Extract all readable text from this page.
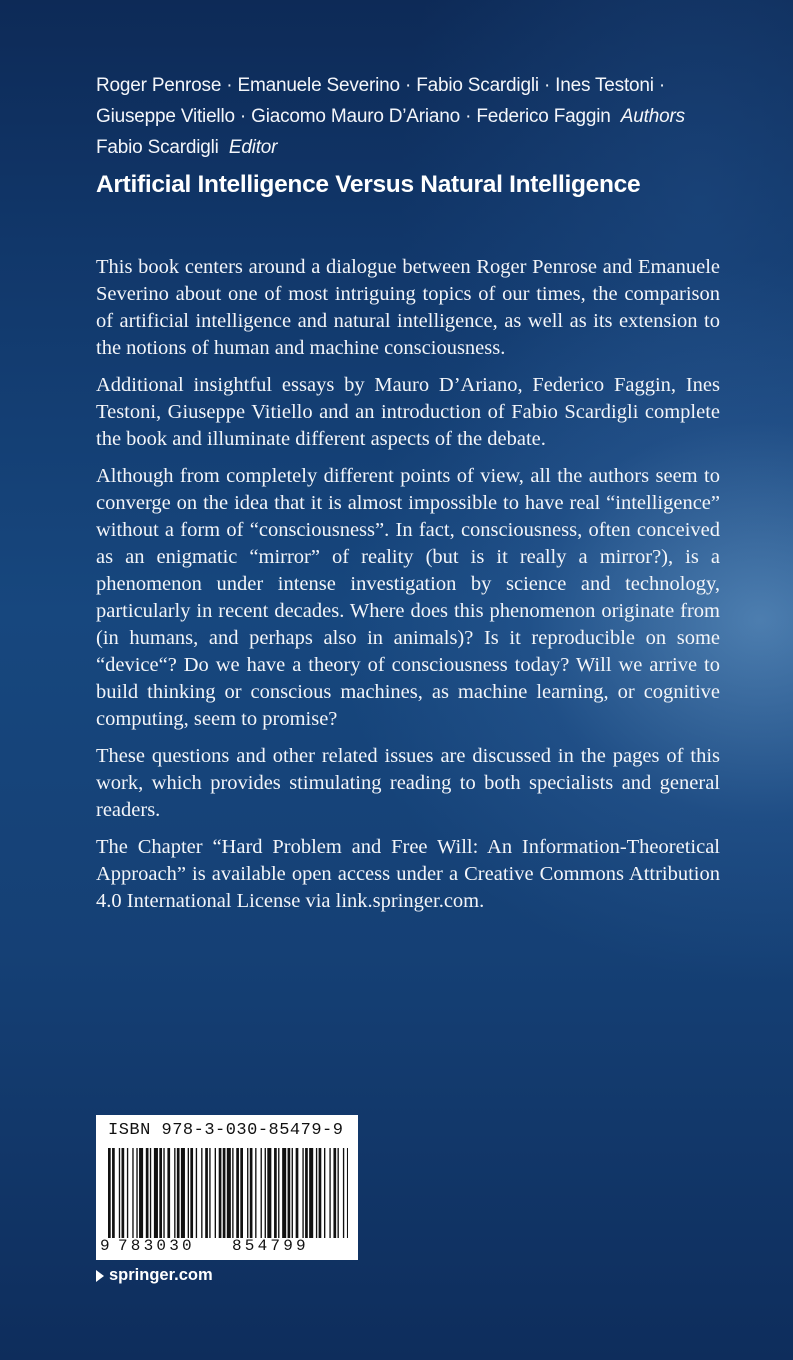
Roger Penrose · Emanuele Severino · Fabio Scardigli · Ines Testoni ·
Giuseppe Vitiello · Giacomo Mauro D’Ariano · Federico Faggin Authors
Fabio Scardigli Editor
Artificial Intelligence Versus Natural Intelligence

This book centers around a dialogue between Roger Penrose and Emanuele Severino about one of most intriguing topics of our times, the comparison of artificial intelligence and natural intelligence, as well as its extension to the notions of human and machine consciousness.

Additional insightful essays by Mauro D’Ariano, Federico Faggin, Ines Testoni, Giuseppe Vitiello and an introduction of Fabio Scardigli complete the book and illuminate different aspects of the debate.

Although from completely different points of view, all the authors seem to converge on the idea that it is almost impossible to have real “intelligence” without a form of “consciousness”. In fact, consciousness, often conceived as an enigmatic “mirror” of reality (but is it really a mirror?), is a phenomenon under intense investigation by science and technology, particularly in recent decades. Where does this phenomenon originate from (in humans, and perhaps also in animals)? Is it reproducible on some “device“? Do we have a theory of consciousness today? Will we arrive to build thinking or conscious machines, as machine learning, or cognitive computing, seem to promise?

These questions and other related issues are discussed in the pages of this work, which provides stimulating reading to both specialists and general readers.

The Chapter “Hard Problem and Free Will: An Information-Theoretical Approach” is available open access under a Creative Commons Attribution 4.0 International License via link.springer.com.

ISBN 978-3-030-85479-9
9 783030 854799
springer.com
